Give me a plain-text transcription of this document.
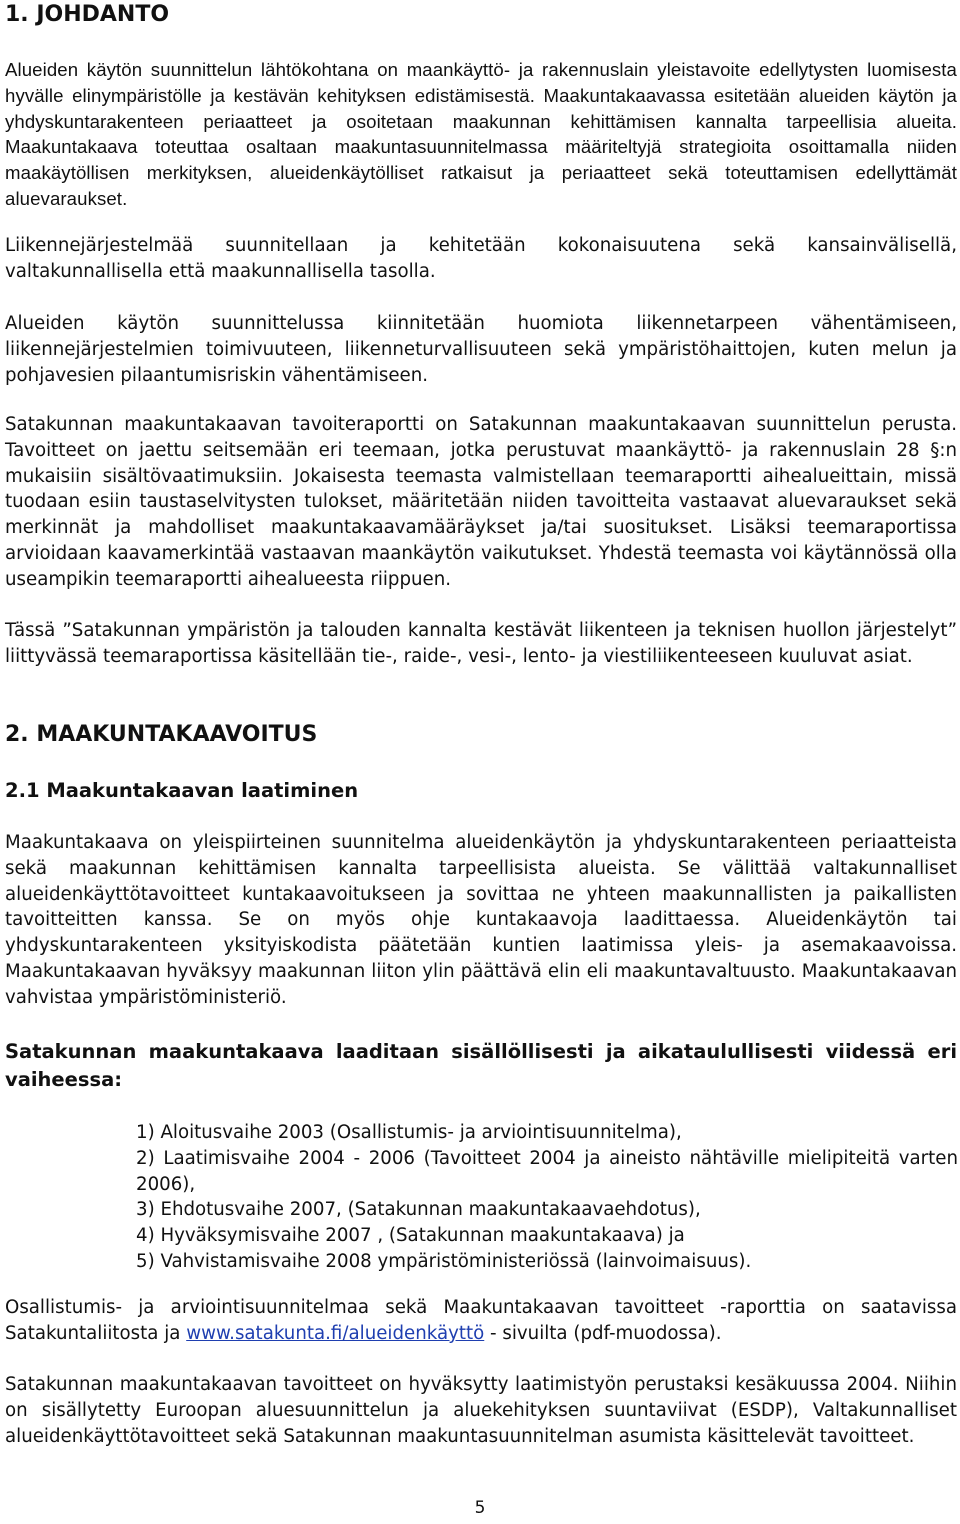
1. JOHDANTO

Alueiden käytön suunnittelun lähtökohtana on maankäyttö- ja rakennuslain yleistavoite edellytysten luomisesta hyvälle elinympäristölle ja kestävän kehityksen edistämisestä. Maakuntakaavassa esitetään alueiden käytön ja yhdyskuntarakenteen periaatteet ja osoitetaan maakunnan kehittämisen kannalta tarpeellisia alueita. Maakuntakaava toteuttaa osaltaan maakuntasuunnitelmassa määriteltyjä strategioita osoittamalla niiden maakäytöllisen merkityksen, alueidenkäytölliset ratkaisut ja periaatteet sekä toteuttamisen edellyttämät aluevaraukset.

Liikennejärjestelmää suunnitellaan ja kehitetään kokonaisuutena sekä kansainvälisellä, valtakunnallisella että maakunnallisella tasolla.

Alueiden käytön suunnittelussa kiinnitetään huomiota liikennetarpeen vähentämiseen, liikennejärjestelmien toimivuuteen, liikenneturvallisuuteen sekä ympäristöhaittojen, kuten melun ja pohjavesien pilaantumisriskin vähentämiseen.

Satakunnan maakuntakaavan tavoiteraportti on Satakunnan maakuntakaavan suunnittelun perusta. Tavoitteet on jaettu seitsemään eri teemaan, jotka perustuvat maankäyttö- ja rakennuslain 28 §:n mukaisiin sisältövaatimuksiin. Jokaisesta teemasta valmistellaan teemaraportti aihealueittain, missä tuodaan esiin taustaselvitysten tulokset, määritetään niiden tavoitteita vastaavat aluevaraukset sekä merkinnät ja mahdolliset maakuntakaavamääräykset ja/tai suositukset. Lisäksi teemaraportissa arvioidaan kaavamerkintää vastaavan maankäytön vaikutukset. Yhdestä teemasta voi käytännössä olla useampikin teemaraportti aihealueesta riippuen.

Tässä ”Satakunnan ympäristön ja talouden kannalta kestävät liikenteen ja teknisen huollon järjestelyt” liittyvässä teemaraportissa käsitellään tie-, raide-, vesi-, lento- ja viestiliikenteeseen kuuluvat asiat.

2. MAAKUNTAKAAVOITUS
2.1 Maakuntakaavan laatiminen

Maakuntakaava on yleispiirteinen suunnitelma alueidenkäytön ja yhdyskuntarakenteen periaatteista sekä maakunnan kehittämisen kannalta tarpeellisista alueista. Se välittää valtakunnalliset alueidenkäyttötavoitteet kuntakaavoitukseen ja sovittaa ne yhteen maakunnallisten ja paikallisten tavoitteitten kanssa. Se on myös ohje kuntakaavoja laadittaessa. Alueidenkäytön tai yhdyskuntarakenteen yksityiskodista päätetään kuntien laatimissa yleis- ja asemakaavoissa. Maakuntakaavan hyväksyy maakunnan liiton ylin päättävä elin eli maakuntavaltuusto. Maakuntakaavan vahvistaa ympäristöministeriö.

Satakunnan maakuntakaava laaditaan sisällöllisesti ja aikataulullisesti viidessä eri vaiheessa:

1) Aloitusvaihe 2003 (Osallistumis- ja arviointisuunnitelma),
2) Laatimisvaihe 2004 - 2006 (Tavoitteet 2004 ja aineisto nähtäville mielipiteitä varten 2006),
3) Ehdotusvaihe 2007, (Satakunnan maakuntakaavaehdotus),
4) Hyväksymisvaihe 2007 , (Satakunnan maakuntakaava) ja
5) Vahvistamisvaihe 2008 ympäristöministeriössä (lainvoimaisuus).

Osallistumis- ja arviointisuunnitelmaa sekä Maakuntakaavan tavoitteet -raporttia on saatavissa Satakuntaliitosta ja www.satakunta.fi/alueidenkäyttö - sivuilta (pdf-muodossa).

Satakunnan maakuntakaavan tavoitteet on hyväksytty laatimistyön perustaksi kesäkuussa 2004. Niihin on sisällytetty Euroopan aluesuunnittelun ja aluekehityksen suuntaviivat (ESDP), Valtakunnalliset alueidenkäyttötavoitteet sekä Satakunnan maakuntasuunnitelman asumista käsittelevät tavoitteet.

5
